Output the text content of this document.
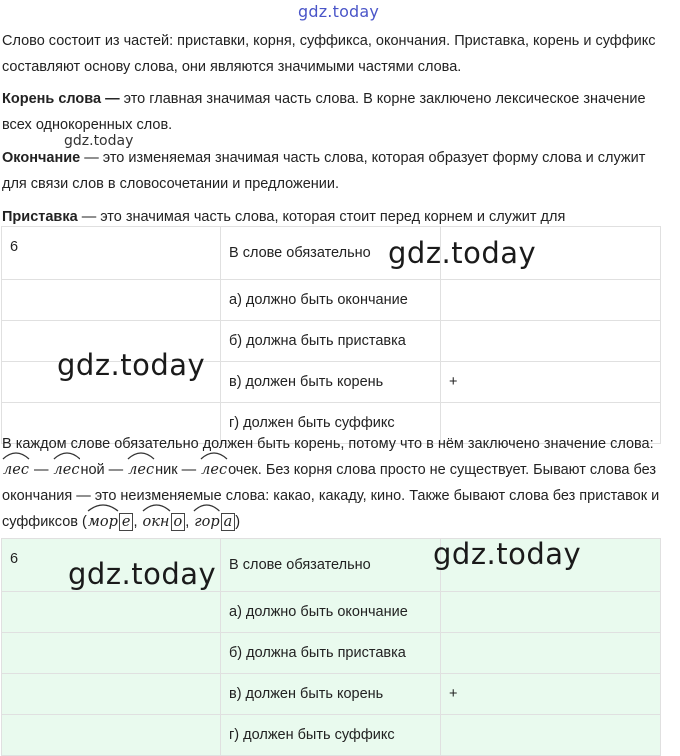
gdz.today
gdz.today
gdz.today
gdz.today
gdz.today
gdz.today

Слово состоит из частей: приставки, корня, суффикса, окончания. Приставка, корень и суффикс составляют основу слова, они являются значимыми частями слова.

Корень слова — это главная значимая часть слова. В корне заключено лексическое значение всех однокоренных слов.

Окончание — это изменяемая значимая часть слова, которая образует форму слова и служит для связи слов в словосочетании и предложении.

Приставка — это значимая часть слова, которая стоит перед корнем и служит для

6	В слове обязательно	
	а) должно быть окончание	
	б) должна быть приставка	
	в) должен быть корень	+
	г) должен быть суффикс	

В каждом слове обязательно должен быть корень, потому что в нём заключено значение слова:
лес —
лесной —
лесник —
лесочек. Без корня слова просто не существует. Бывают слова без окончания — это неизменяемые слова: какао, какаду, кино. Также бывают слова без приставок и суффиксов (
мор е ,
окн о ,
гор а )

6	В слове обязательно	
	а) должно быть окончание	
	б) должна быть приставка	
	в) должен быть корень	+
	г) должен быть суффикс	
